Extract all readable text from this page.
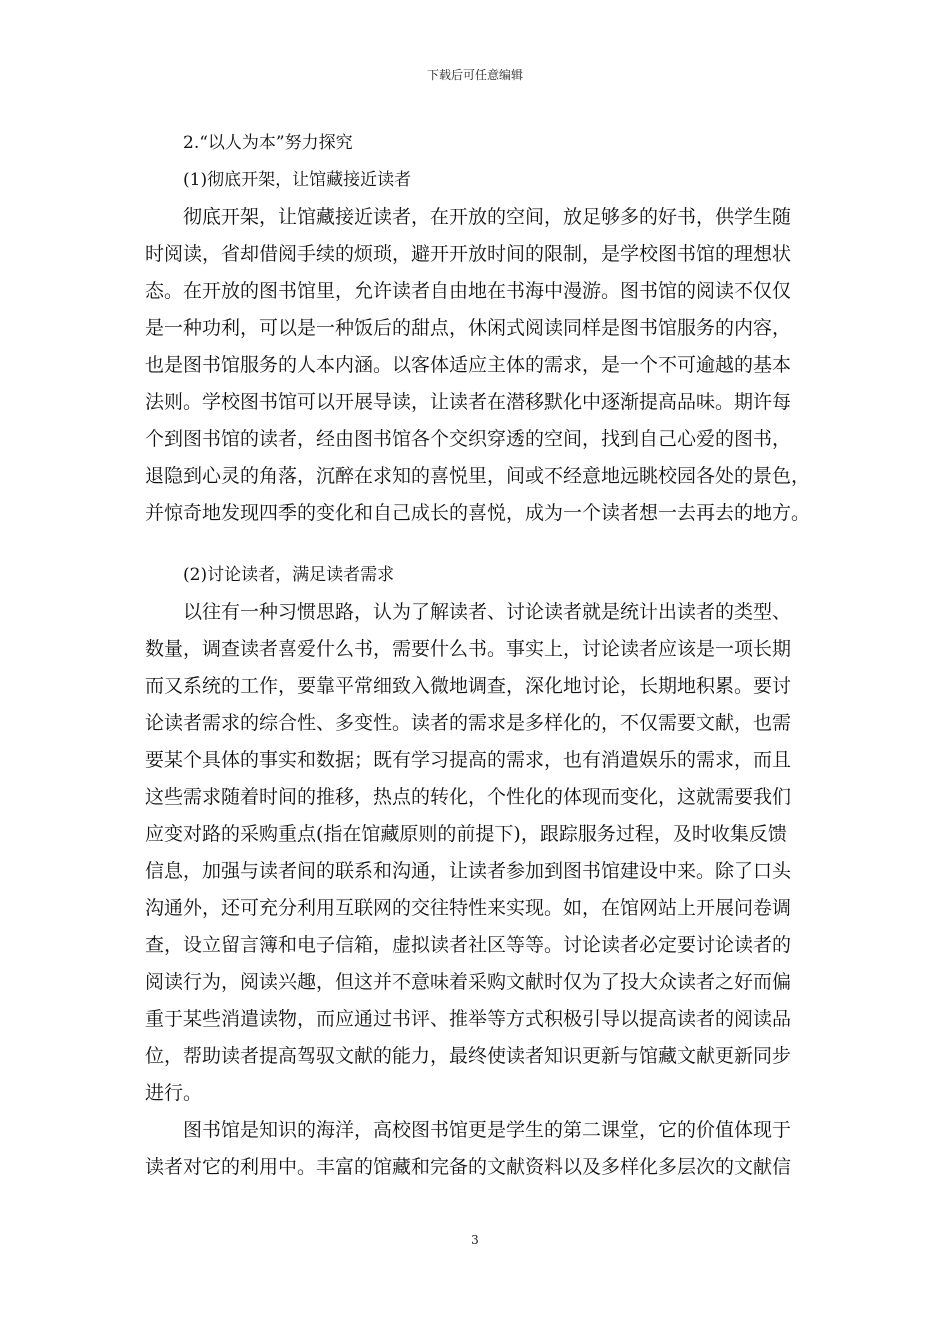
下载后可任意编辑
2.“以人为本”努力探究
(1)彻底开架，让馆藏接近读者
彻底开架，让馆藏接近读者，在开放的空间，放足够多的好书，供学生随
时阅读，省却借阅手续的烦琐，避开开放时间的限制，是学校图书馆的理想状
态。在开放的图书馆里，允许读者自由地在书海中漫游。图书馆的阅读不仅仅
是一种功利，可以是一种饭后的甜点，休闲式阅读同样是图书馆服务的内容，
也是图书馆服务的人本内涵。以客体适应主体的需求，是一个不可逾越的基本
法则。学校图书馆可以开展导读，让读者在潜移默化中逐渐提高品味。期许每
个到图书馆的读者，经由图书馆各个交织穿透的空间，找到自己心爱的图书，
退隐到心灵的角落，沉醉在求知的喜悦里，间或不经意地远眺校园各处的景色，
并惊奇地发现四季的变化和自己成长的喜悦，成为一个读者想一去再去的地方。
(2)讨论读者，满足读者需求
以往有一种习惯思路，认为了解读者、讨论读者就是统计出读者的类型、
数量，调查读者喜爱什么书，需要什么书。事实上，讨论读者应该是一项长期
而又系统的工作，要靠平常细致入微地调查，深化地讨论，长期地积累。要讨
论读者需求的综合性、多变性。读者的需求是多样化的，不仅需要文献，也需
要某个具体的事实和数据；既有学习提高的需求，也有消遣娱乐的需求，而且
这些需求随着时间的推移，热点的转化，个性化的体现而变化，这就需要我们
应变对路的采购重点(指在馆藏原则的前提下)，跟踪服务过程，及时收集反馈
信息，加强与读者间的联系和沟通，让读者参加到图书馆建设中来。除了口头
沟通外，还可充分利用互联网的交往特性来实现。如，在馆网站上开展问卷调
查，设立留言簿和电子信箱，虚拟读者社区等等。讨论读者必定要讨论读者的
阅读行为，阅读兴趣，但这并不意味着采购文献时仅为了投大众读者之好而偏
重于某些消遣读物，而应通过书评、推举等方式积极引导以提高读者的阅读品
位，帮助读者提高驾驭文献的能力，最终使读者知识更新与馆藏文献更新同步
进行。
图书馆是知识的海洋，高校图书馆更是学生的第二课堂，它的价值体现于
读者对它的利用中。丰富的馆藏和完备的文献资料以及多样化多层次的文献信
3
